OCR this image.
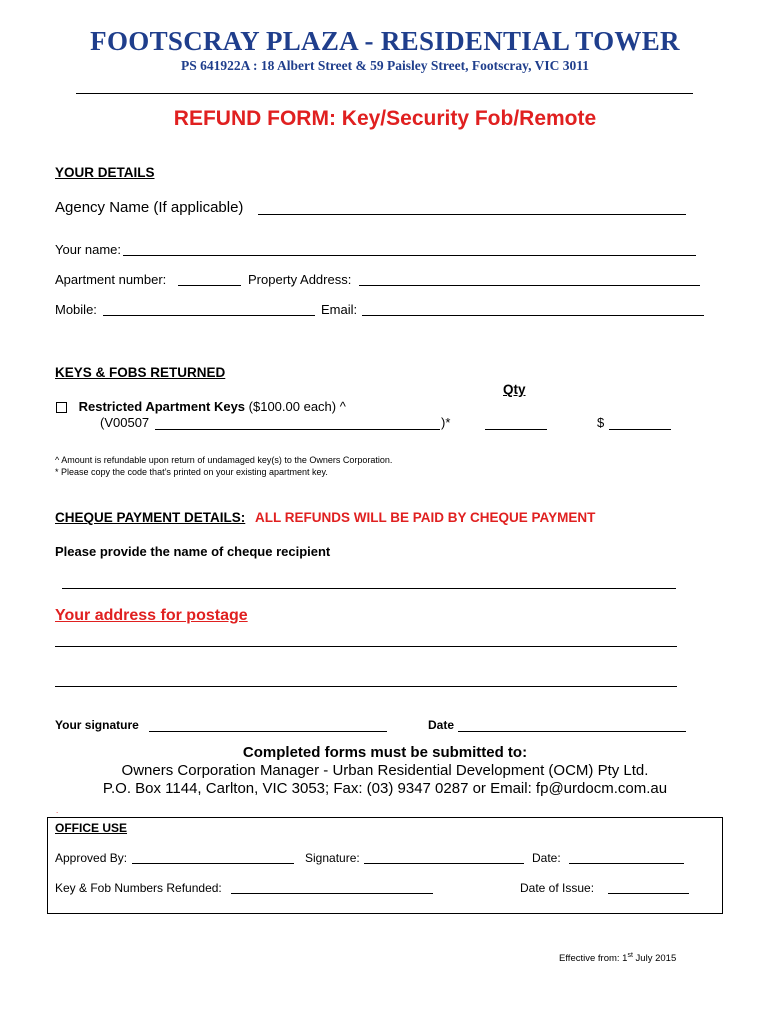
FOOTSCRAY PLAZA - RESIDENTIAL TOWER
PS 641922A : 18 Albert Street & 59 Paisley Street, Footscray, VIC 3011
REFUND FORM: Key/Security Fob/Remote
YOUR DETAILS
Agency Name (If applicable)
Your name:
Apartment number:	Property Address:
Mobile:	Email:
KEYS & FOBS RETURNED
Qty
Restricted Apartment Keys ($100.00 each) ^
(V00507	)*	$
^ Amount is refundable upon return of undamaged key(s) to the Owners Corporation.
* Please copy the code that’s printed on your existing apartment key.
CHEQUE PAYMENT DETAILS: ALL REFUNDS WILL BE PAID BY CHEQUE PAYMENT
Please provide the name of cheque recipient
Your address for postage
Your signature	Date
Completed forms must be submitted to:
Owners Corporation Manager - Urban Residential Development (OCM) Pty Ltd.
P.O. Box 1144, Carlton, VIC 3053; Fax: (03) 9347 0287 or Email: fp@urdocm.com.au
.
OFFICE USE
Approved By:	Signature:	Date:
Key & Fob Numbers Refunded:	Date of Issue:
Effective from: 1st July 2015
